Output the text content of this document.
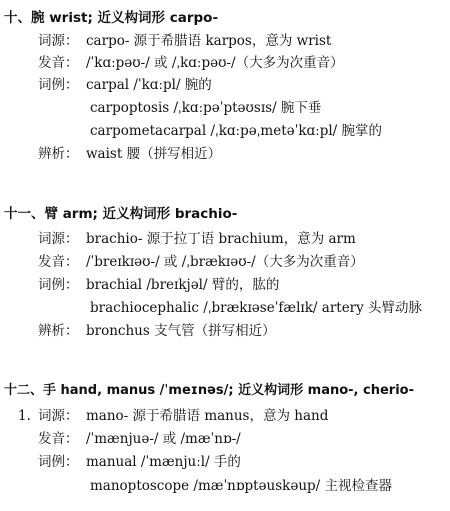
十、腕 wrist; 近义构词形 carpo-
词源： carpo- 源于希腊语 karpos，意为 wrist
发音： /ˈkɑːpəʊ-/ 或 /ˌkɑːpəʊ-/（大多为次重音）
词例： carpal /ˈkɑːpl/ 腕的
carpoptosis /ˌkɑːpəˈptəʊsɪs/ 腕下垂
carpometacarpal /ˌkɑːpəˌmetəˈkɑːpl/ 腕掌的
辨析： waist 腰（拼写相近）
十一、臂 arm; 近义构词形 brachio-
词源： brachio- 源于拉丁语 brachium，意为 arm
发音： /ˈbreɪkɪəʊ-/ 或 /ˌbrækɪəʊ-/（大多为次重音）
词例： brachial /breɪkjəl/ 臂的，肱的
brachiocephalic /ˌbrækɪəseˈfælɪk/ artery 头臂动脉
辨析： bronchus 支气管（拼写相近）
十二、手 hand, manus /ˈmeɪnəs/; 近义构词形 mano-, cherio-
1. 词源： mano- 源于希腊语 manus，意为 hand
发音： /ˈmænjuə-/ 或 /mæˈnɒ-/
词例： manual /ˈmænjuːl/ 手的
manoptoscope /mæˈnɒptəuskəup/ 主视检查器
